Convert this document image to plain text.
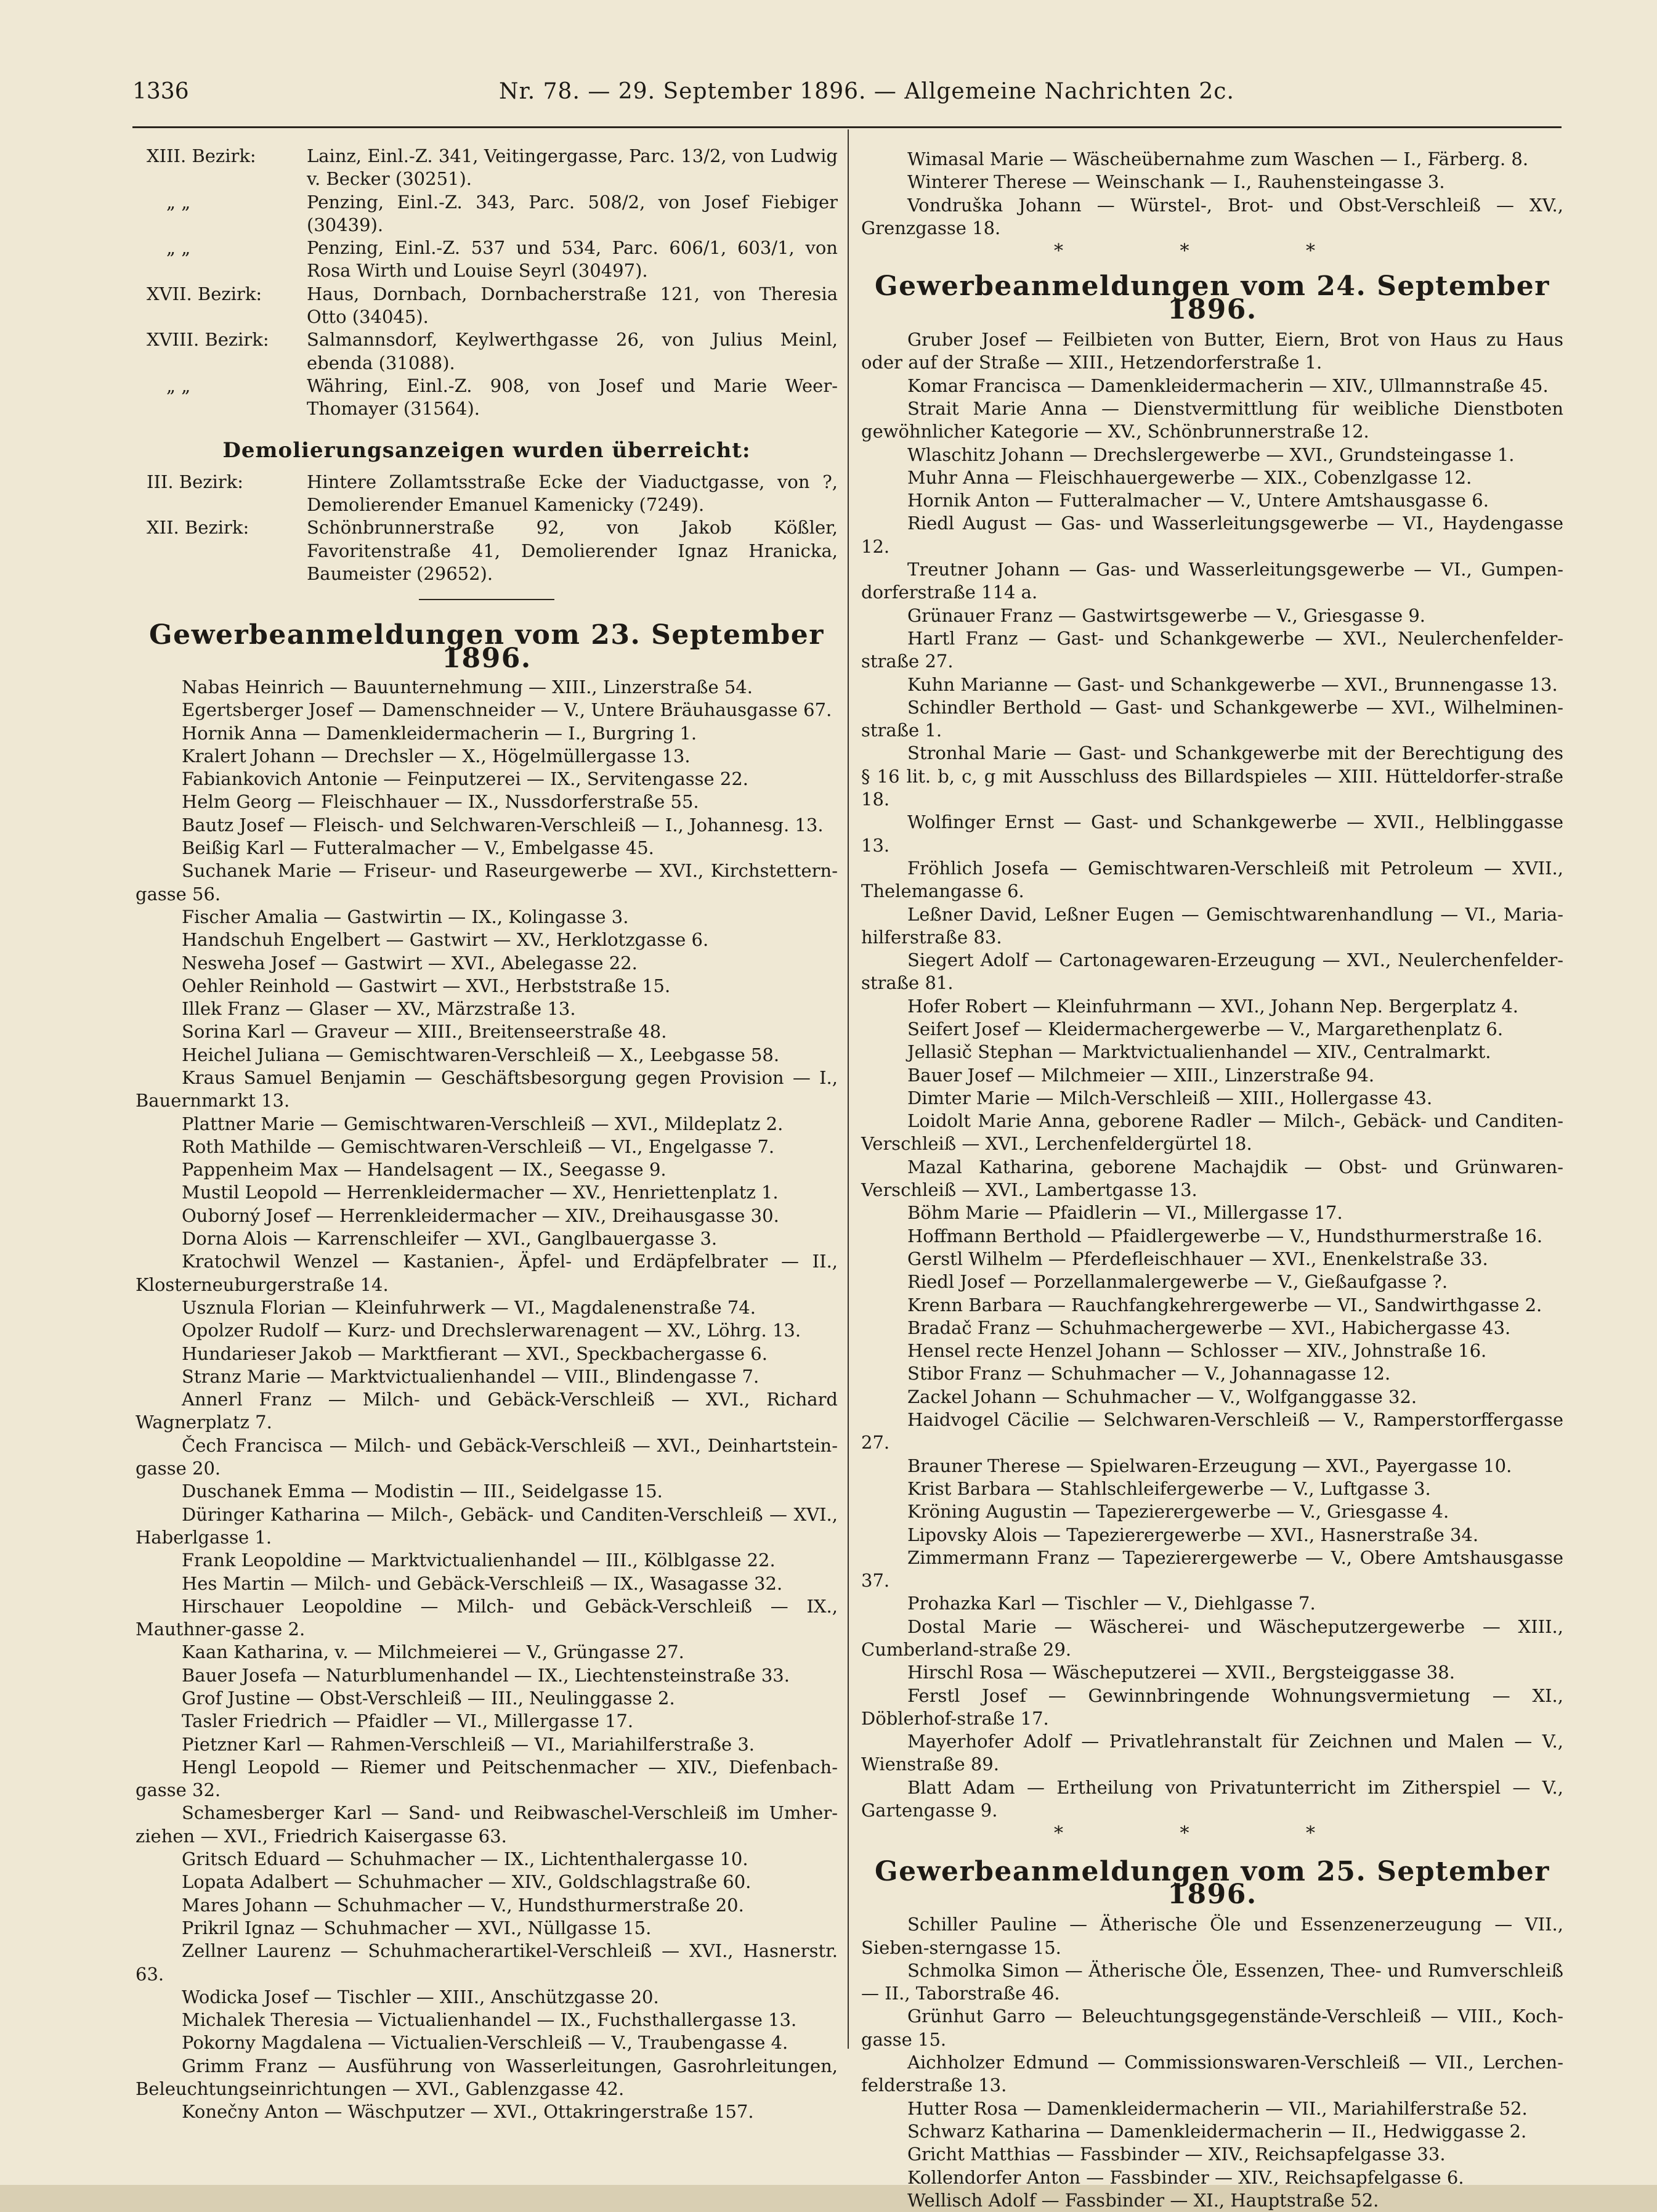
1336	Nr. 78. — 29. September 1896. — Allgemeine Nachrichten 2c.
XIII. Bezirk:	Lainz, Einl.-Z. 341, Veitingergasse, Parc. 13/2, von Ludwig v. Becker (30251).
„ „	Penzing, Einl.-Z. 343, Parc. 508/2, von Josef Fiebiger (30439).
„ „	Penzing, Einl.-Z. 537 und 534, Parc. 606/1, 603/1, von Rosa Wirth und Louise Seyrl (30497).
XVII. Bezirk:	Haus, Dornbach, Dornbacherstraße 121, von Theresia Otto (34045).
XVIII. Bezirk:	Salmannsdorf, Keylwerthgasse 26, von Julius Meinl, ebenda (31088).
„ „	Währing, Einl.-Z. 908, von Josef und Marie Weer-Thomayer (31564).
Demolierungsanzeigen wurden überreicht:
III. Bezirk:	Hintere Zollamtsstraße Ecke der Viaductgasse, von ?, Demolierender Emanuel Kamenicky (7249).
XII. Bezirk:	Schönbrunnerstraße 92, von Jakob Kößler, Favoritenstraße 41, Demolierender Ignaz Hranicka, Baumeister (29652).
Gewerbeanmeldungen vom 23. September 1896.
Nabas Heinrich — Bauunternehmung — XIII., Linzerstraße 54.
Egertsberger Josef — Damenschneider — V., Untere Bräuhausgasse 67.
Hornik Anna — Damenkleidermacherin — I., Burgring 1.
Kralert Johann — Drechsler — X., Högelmüllergasse 13.
Fabiankovich Antonie — Feinputzerei — IX., Servitengasse 22.
Helm Georg — Fleischhauer — IX., Nussdorferstraße 55.
Bautz Josef — Fleisch- und Selchwaren-Verschleiß — I., Johannesg. 13.
Beißig Karl — Futteralmacher — V., Embelgasse 45.
Suchanek Marie — Friseur- und Raseurgewerbe — XVI., Kirchstettern-gasse 56.
Fischer Amalia — Gastwirtin — IX., Kolingasse 3.
Handschuh Engelbert — Gastwirt — XV., Herklotzgasse 6.
Nesweha Josef — Gastwirt — XVI., Abelegasse 22.
Oehler Reinhold — Gastwirt — XVI., Herbststraße 15.
Illek Franz — Glaser — XV., Märzstraße 13.
Sorina Karl — Graveur — XIII., Breitenseerstraße 48.
Heichel Juliana — Gemischtwaren-Verschleiß — X., Leebgasse 58.
Kraus Samuel Benjamin — Geschäftsbesorgung gegen Provision — I., Bauernmarkt 13.
Plattner Marie — Gemischtwaren-Verschleiß — XVI., Mildeplatz 2.
Roth Mathilde — Gemischtwaren-Verschleiß — VI., Engelgasse 7.
Pappenheim Max — Handelsagent — IX., Seegasse 9.
Mustil Leopold — Herrenkleidermacher — XV., Henriettenplatz 1.
Ouborný Josef — Herrenkleidermacher — XIV., Dreihausgasse 30.
Dorna Alois — Karrenschleifer — XVI., Ganglbauergasse 3.
Kratochwil Wenzel — Kastanien-, Äpfel- und Erdäpfelbrater — II., Klosterneuburgerstraße 14.
Usznula Florian — Kleinfuhrwerk — VI., Magdalenenstraße 74.
Opolzer Rudolf — Kurz- und Drechslerwarenagent — XV., Löhrg. 13.
Hundarieser Jakob — Marktfierant — XVI., Speckbachergasse 6.
Stranz Marie — Marktvictualienhandel — VIII., Blindengasse 7.
Annerl Franz — Milch- und Gebäck-Verschleiß — XVI., Richard Wagnerplatz 7.
Čech Francisca — Milch- und Gebäck-Verschleiß — XVI., Deinhartstein-gasse 20.
Duschanek Emma — Modistin — III., Seidelgasse 15.
Düringer Katharina — Milch-, Gebäck- und Canditen-Verschleiß — XVI., Haberlgasse 1.
Frank Leopoldine — Marktvictualienhandel — III., Kölblgasse 22.
Hes Martin — Milch- und Gebäck-Verschleiß — IX., Wasagasse 32.
Hirschauer Leopoldine — Milch- und Gebäck-Verschleiß — IX., Mauthner-gasse 2.
Kaan Katharina, v. — Milchmeierei — V., Grüngasse 27.
Bauer Josefa — Naturblumenhandel — IX., Liechtensteinstraße 33.
Grof Justine — Obst-Verschleiß — III., Neulinggasse 2.
Tasler Friedrich — Pfaidler — VI., Millergasse 17.
Pietzner Karl — Rahmen-Verschleiß — VI., Mariahilferstraße 3.
Hengl Leopold — Riemer und Peitschenmacher — XIV., Diefenbach-gasse 32.
Schamesberger Karl — Sand- und Reibwaschel-Verschleiß im Umher-ziehen — XVI., Friedrich Kaisergasse 63.
Gritsch Eduard — Schuhmacher — IX., Lichtenthalergasse 10.
Lopata Adalbert — Schuhmacher — XIV., Goldschlagstraße 60.
Mares Johann — Schuhmacher — V., Hundsthurmerstraße 20.
Prikril Ignaz — Schuhmacher — XVI., Nüllgasse 15.
Zellner Laurenz — Schuhmacherartikel-Verschleiß — XVI., Hasnerstr. 63.
Wodicka Josef — Tischler — XIII., Anschützgasse 20.
Michalek Theresia — Victualienhandel — IX., Fuchsthallergasse 13.
Pokorny Magdalena — Victualien-Verschleiß — V., Traubengasse 4.
Grimm Franz — Ausführung von Wasserleitungen, Gasrohrleitungen, Beleuchtungseinrichtungen — XVI., Gablenzgasse 42.
Konečny Anton — Wäschputzer — XVI., Ottakringerstraße 157.
Wimasal Marie — Wäscheübernahme zum Waschen — I., Färberg. 8.
Winterer Therese — Weinschank — I., Rauhensteingasse 3.
Vondruška Johann — Würstel-, Brot- und Obst-Verschleiß — XV., Grenzgasse 18.
* * *
Gewerbeanmeldungen vom 24. September 1896.
Gruber Josef — Feilbieten von Butter, Eiern, Brot von Haus zu Haus oder auf der Straße — XIII., Hetzendorferstraße 1.
Komar Francisca — Damenkleidermacherin — XIV., Ullmannstraße 45.
Strait Marie Anna — Dienstvermittlung für weibliche Dienstboten gewöhnlicher Kategorie — XV., Schönbrunnerstraße 12.
Wlaschitz Johann — Drechslergewerbe — XVI., Grundsteingasse 1.
Muhr Anna — Fleischhauergewerbe — XIX., Cobenzlgasse 12.
Hornik Anton — Futteralmacher — V., Untere Amtshausgasse 6.
Riedl August — Gas- und Wasserleitungsgewerbe — VI., Haydengasse 12.
Treutner Johann — Gas- und Wasserleitungsgewerbe — VI., Gumpen-dorferstraße 114 a.
Grünauer Franz — Gastwirtsgewerbe — V., Griesgasse 9.
Hartl Franz — Gast- und Schankgewerbe — XVI., Neulerchenfelder-straße 27.
Kuhn Marianne — Gast- und Schankgewerbe — XVI., Brunnengasse 13.
Schindler Berthold — Gast- und Schankgewerbe — XVI., Wilhelminen-straße 1.
Stronhal Marie — Gast- und Schankgewerbe mit der Berechtigung des § 16 lit. b, c, g mit Ausschluss des Billardspieles — XIII. Hütteldorfer-straße 18.
Wolfinger Ernst — Gast- und Schankgewerbe — XVII., Helblinggasse 13.
Fröhlich Josefa — Gemischtwaren-Verschleiß mit Petroleum — XVII., Thelemangasse 6.
Leßner David, Leßner Eugen — Gemischtwarenhandlung — VI., Maria-hilferstraße 83.
Siegert Adolf — Cartonagewaren-Erzeugung — XVI., Neulerchenfelder-straße 81.
Hofer Robert — Kleinfuhrmann — XVI., Johann Nep. Bergerplatz 4.
Seifert Josef — Kleidermachergewerbe — V., Margarethenplatz 6.
Jellasič Stephan — Marktvictualienhandel — XIV., Centralmarkt.
Bauer Josef — Milchmeier — XIII., Linzerstraße 94.
Dimter Marie — Milch-Verschleiß — XIII., Hollergasse 43.
Loidolt Marie Anna, geborene Radler — Milch-, Gebäck- und Canditen-Verschleiß — XVI., Lerchenfeldergürtel 18.
Mazal Katharina, geborene Machajdik — Obst- und Grünwaren-Verschleiß — XVI., Lambertgasse 13.
Böhm Marie — Pfaidlerin — VI., Millergasse 17.
Hoffmann Berthold — Pfaidlergewerbe — V., Hundsthurmerstraße 16.
Gerstl Wilhelm — Pferdefleischhauer — XVI., Enenkelstraße 33.
Riedl Josef — Porzellanmalergewerbe — V., Gießaufgasse ?.
Krenn Barbara — Rauchfangkehrergewerbe — VI., Sandwirthgasse 2.
Bradač Franz — Schuhmachergewerbe — XVI., Habichergasse 43.
Hensel recte Henzel Johann — Schlosser — XIV., Johnstraße 16.
Stibor Franz — Schuhmacher — V., Johannagasse 12.
Zackel Johann — Schuhmacher — V., Wolfganggasse 32.
Haidvogel Cäcilie — Selchwaren-Verschleiß — V., Ramperstorffergasse 27.
Brauner Therese — Spielwaren-Erzeugung — XVI., Payergasse 10.
Krist Barbara — Stahlschleifergewerbe — V., Luftgasse 3.
Kröning Augustin — Tapezierergewerbe — V., Griesgasse 4.
Lipovsky Alois — Tapezierergewerbe — XVI., Hasnerstraße 34.
Zimmermann Franz — Tapezierergewerbe — V., Obere Amtshausgasse 37.
Prohazka Karl — Tischler — V., Diehlgasse 7.
Dostal Marie — Wäscherei- und Wäscheputzergewerbe — XIII., Cumberland-straße 29.
Hirschl Rosa — Wäscheputzerei — XVII., Bergsteiggasse 38.
Ferstl Josef — Gewinnbringende Wohnungsvermietung — XI., Döblerhof-straße 17.
Mayerhofer Adolf — Privatlehranstalt für Zeichnen und Malen — V., Wienstraße 89.
Blatt Adam — Ertheilung von Privatunterricht im Zitherspiel — V., Gartengasse 9.
* * *
Gewerbeanmeldungen vom 25. September 1896.
Schiller Pauline — Ätherische Öle und Essenzenerzeugung — VII., Sieben-sterngasse 15.
Schmolka Simon — Ätherische Öle, Essenzen, Thee- und Rumverschleiß — II., Taborstraße 46.
Grünhut Garro — Beleuchtungsgegenstände-Verschleiß — VIII., Koch-gasse 15.
Aichholzer Edmund — Commissionswaren-Verschleiß — VII., Lerchen-felderstraße 13.
Hutter Rosa — Damenkleidermacherin — VII., Mariahilferstraße 52.
Schwarz Katharina — Damenkleidermacherin — II., Hedwiggasse 2.
Gricht Matthias — Fassbinder — XIV., Reichsapfelgasse 33.
Kollendorfer Anton — Fassbinder — XIV., Reichsapfelgasse 6.
Wellisch Adolf — Fassbinder — XI., Hauptstraße 52.
